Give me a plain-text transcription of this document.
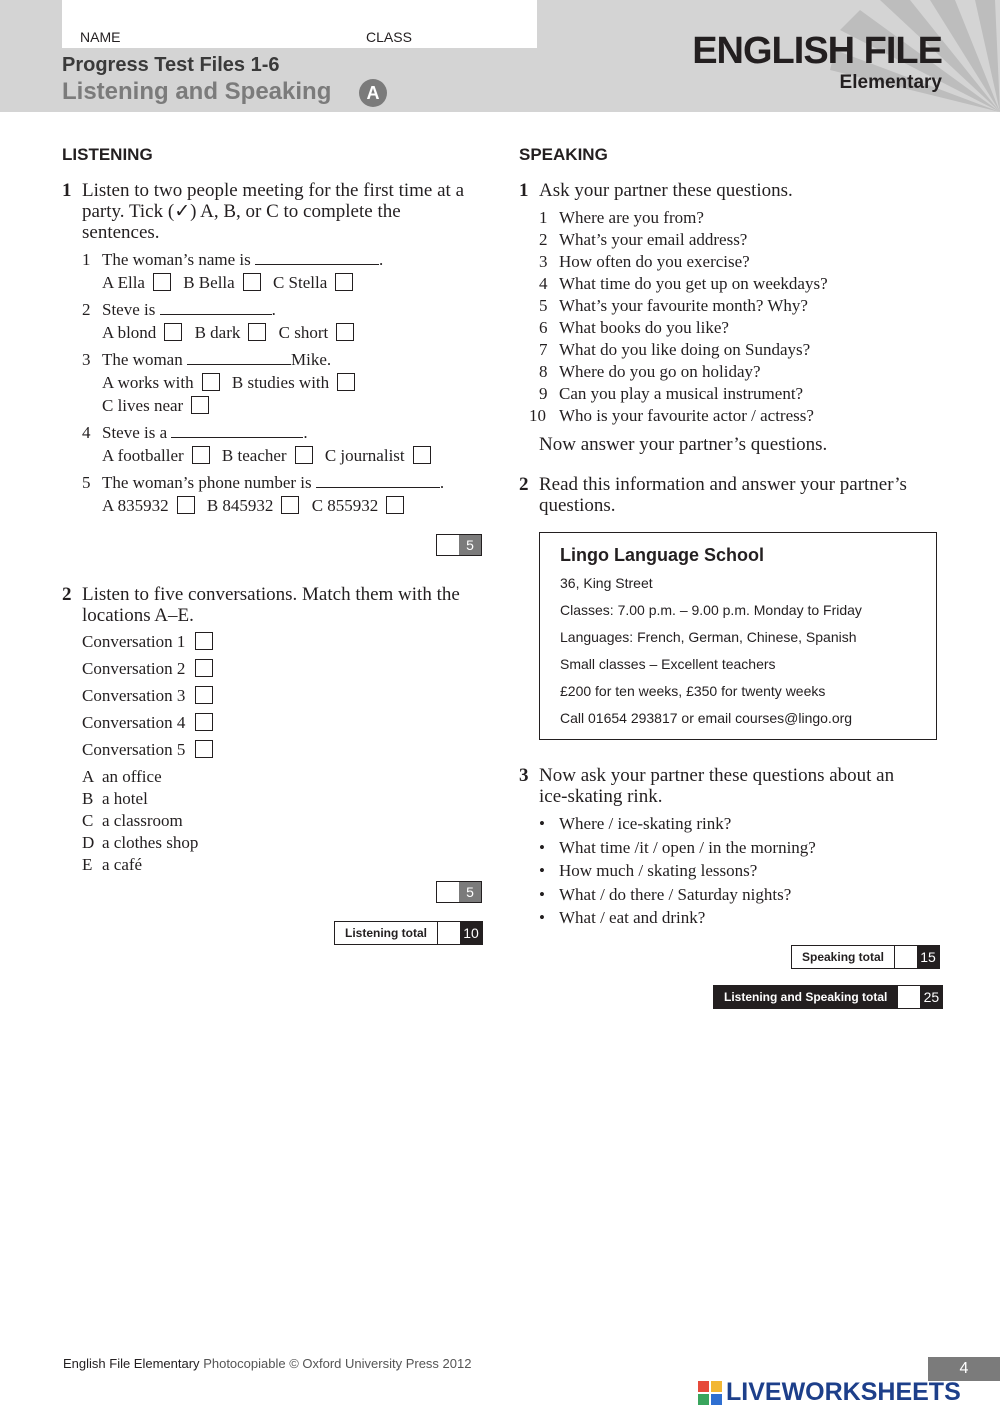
NAME	CLASS
Progress Test Files 1-6
Listening and Speaking	A
ENGLISH FILE
Elementary
LISTENING
1 Listen to two people meeting for the first time at a
party. Tick (✓) A, B, or C to complete the
sentences.
1 The woman’s name is	.
A Ella B Bella C Stella
2 Steve is	.
A blond B dark C short
3 The woman	Mike.
A works with B studies with
C lives near
4 Steve is a	.
A footballer B teacher C journalist
5 The woman’s phone number is	.
A 835932 B 845932 C 855932
5
2 Listen to five conversations. Match them with the
locations A–E.
Conversation 1
Conversation 2
Conversation 3
Conversation 4
Conversation 5
A an office
B a hotel
C a classroom
D a clothes shop
E a café
5
Listening total	10
SPEAKING
1 Ask your partner these questions.
1 Where are you from?
2 What’s your email address?
3 How often do you exercise?
4 What time do you get up on weekdays?
5 What’s your favourite month? Why?
6 What books do you like?
7 What do you like doing on Sundays?
8 Where do you go on holiday?
9 Can you play a musical instrument?
10 Who is your favourite actor / actress?
Now answer your partner’s questions.
2 Read this information and answer your partner’s
questions.
Lingo Language School
36, King Street
Classes: 7.00 p.m. – 9.00 p.m. Monday to Friday
Languages: French, German, Chinese, Spanish
Small classes – Excellent teachers
£200 for ten weeks, £350 for twenty weeks
Call 01654 293817 or email courses@lingo.org
3 Now ask your partner these questions about an
ice-skating rink.
• Where / ice-skating rink?
• What time /it / open / in the morning?
• How much / skating lessons?
• What / do there / Saturday nights?
• What / eat and drink?
Speaking total	15
Listening and Speaking total	25
English File Elementary Photocopiable © Oxford University Press 2012	4
LIVEWORKSHEETS
